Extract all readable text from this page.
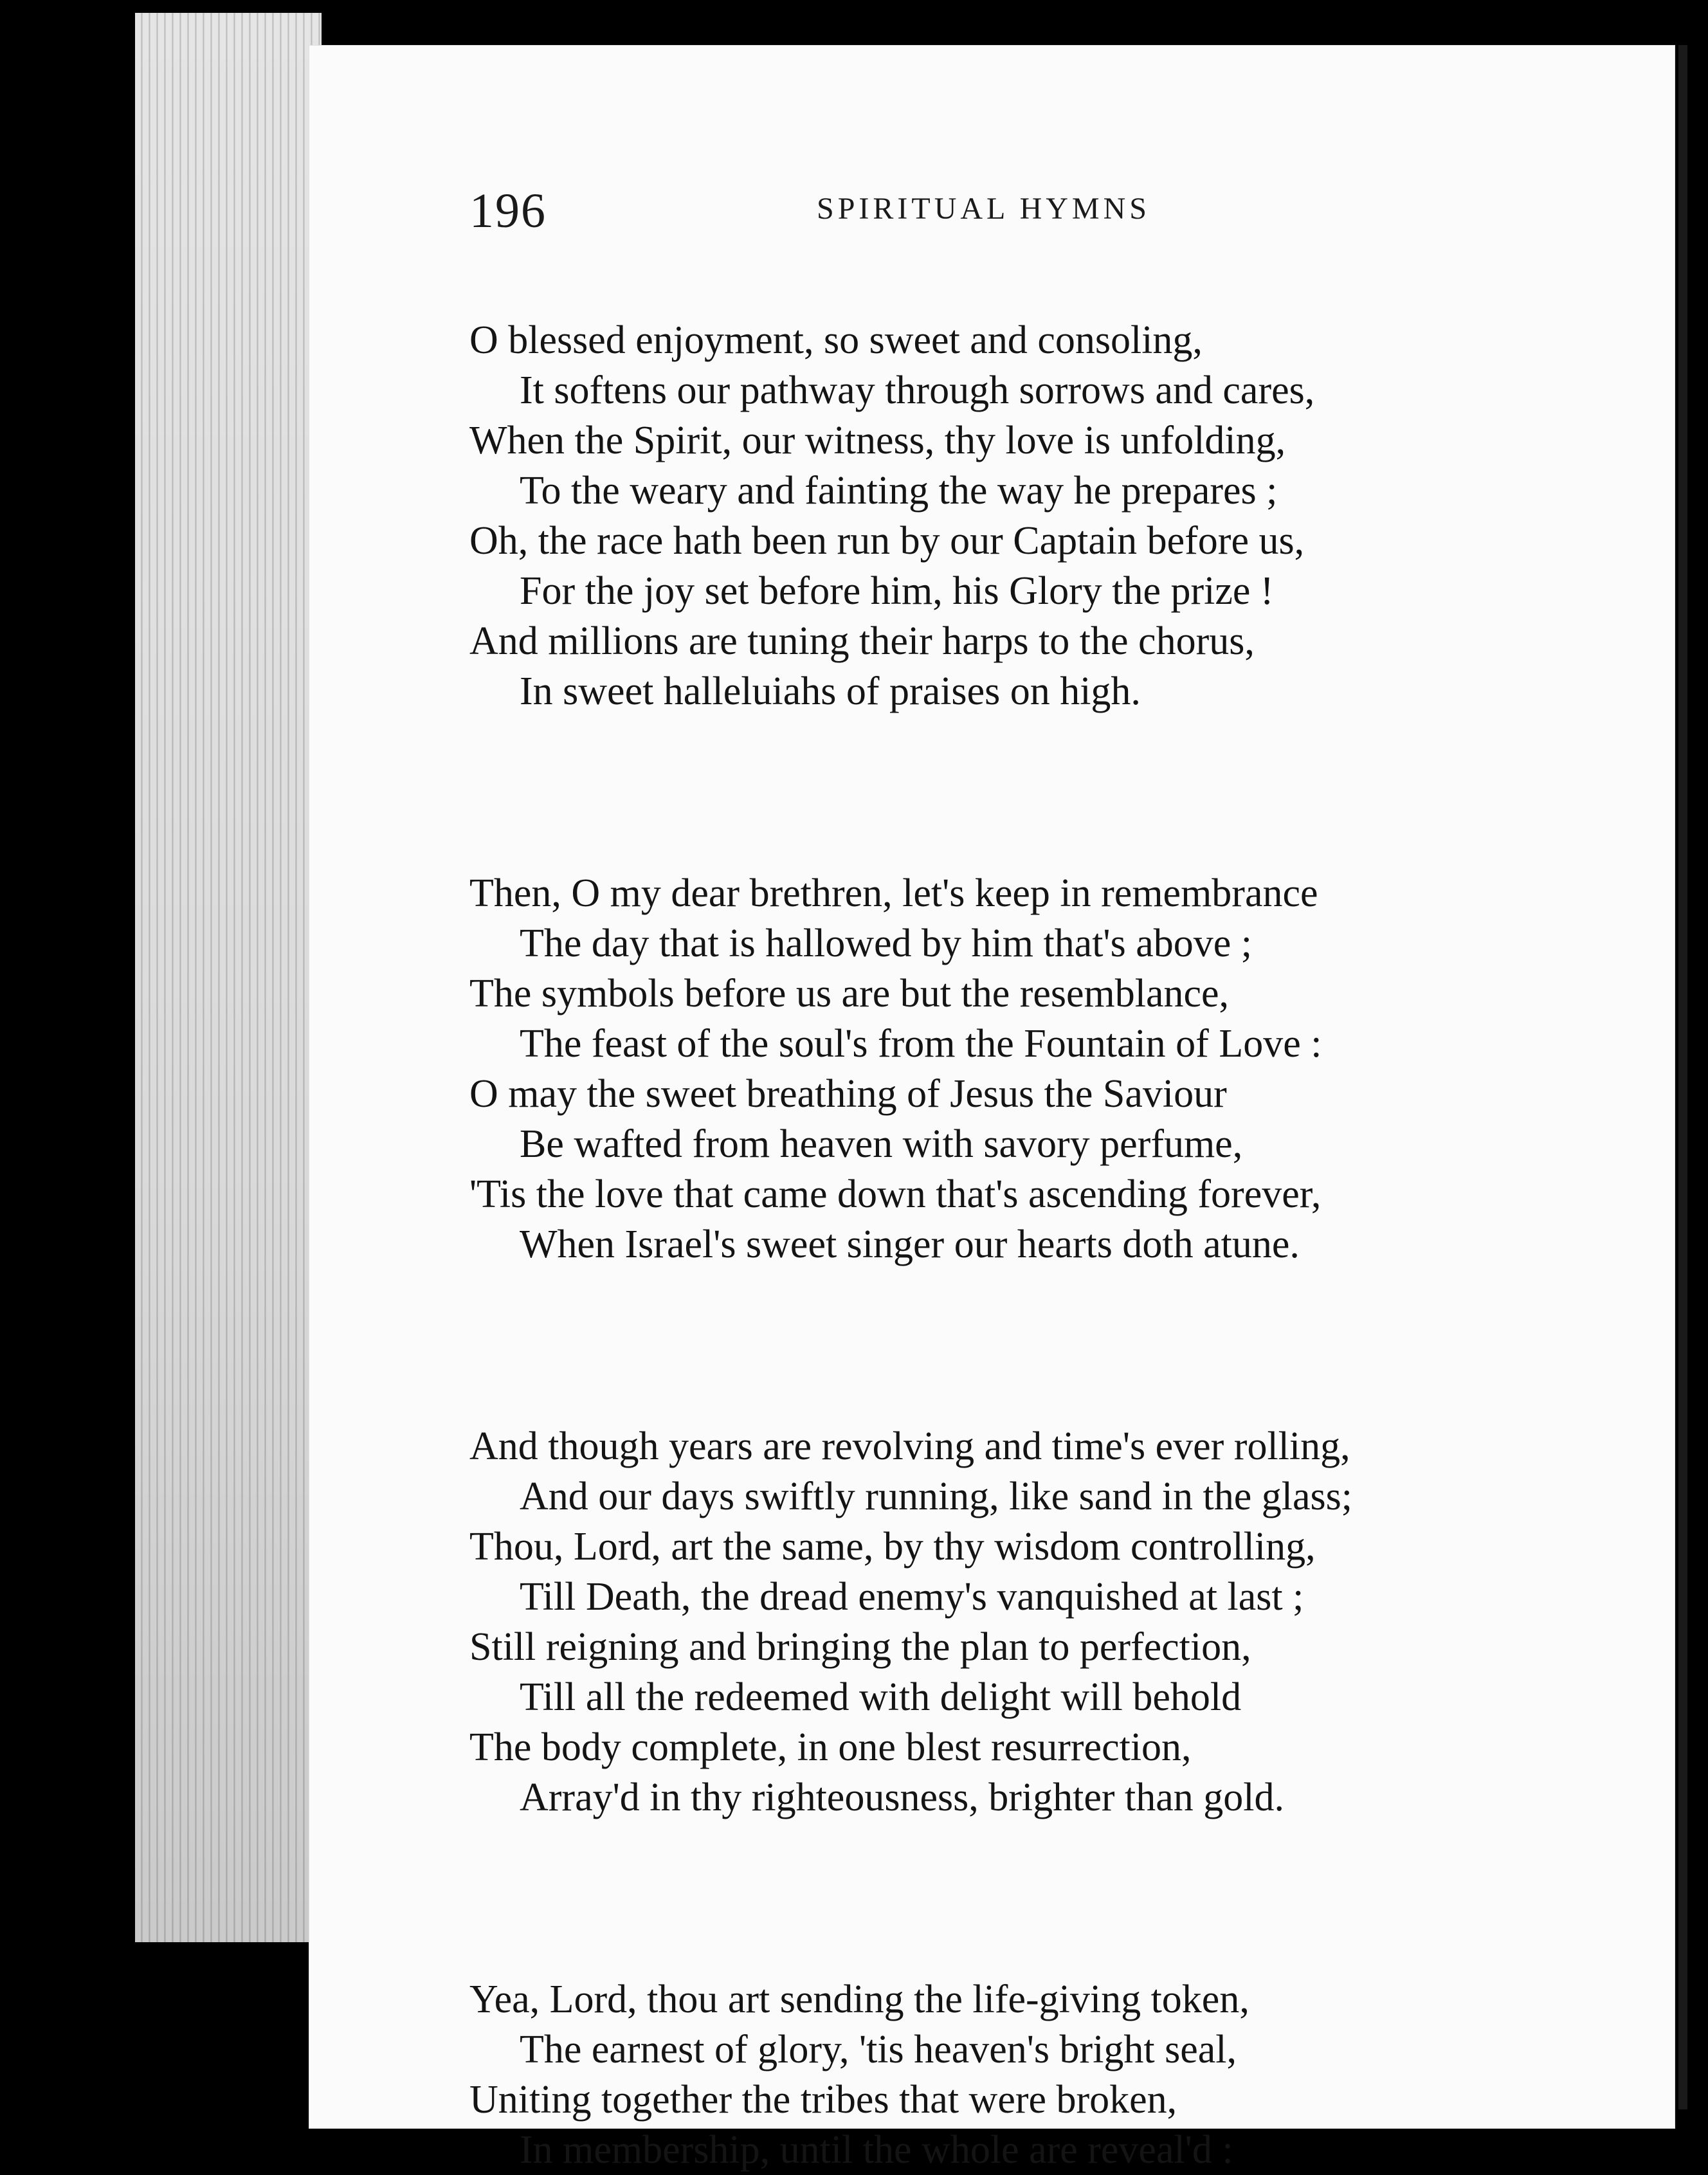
196	SPIRITUAL HYMNS
O blessed enjoyment, so sweet and consoling,
It softens our pathway through sorrows and cares,
When the Spirit, our witness, thy love is unfolding,
To the weary and fainting the way he prepares ;
Oh, the race hath been run by our Captain before us,
For the joy set before him, his Glory the prize !
And millions are tuning their harps to the chorus,
In sweet halleluiahs of praises on high.
Then, O my dear brethren, let's keep in remembrance
The day that is hallowed by him that's above ;
The symbols before us are but the resemblance,
The feast of the soul's from the Fountain of Love :
O may the sweet breathing of Jesus the Saviour
Be wafted from heaven with savory perfume,
'Tis the love that came down that's ascending forever,
When Israel's sweet singer our hearts doth atune.
And though years are revolving and time's ever rolling,
And our days swiftly running, like sand in the glass;
Thou, Lord, art the same, by thy wisdom controlling,
Till Death, the dread enemy's vanquished at last ;
Still reigning and bringing the plan to perfection,
Till all the redeemed with delight will behold
The body complete, in one blest resurrection,
Array'd in thy righteousness, brighter than gold.
Yea, Lord, thou art sending the life-giving token,
The earnest of glory, 'tis heaven's bright seal,
Uniting together the tribes that were broken,
In membership, until the whole are reveal'd :
